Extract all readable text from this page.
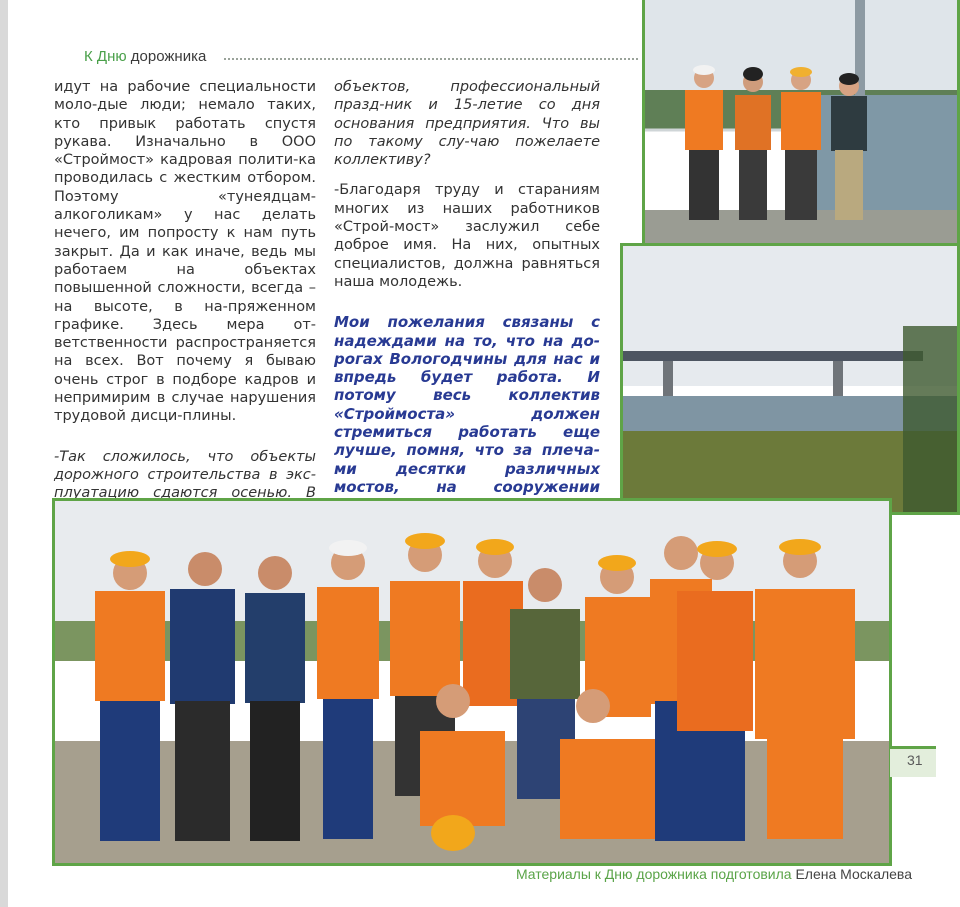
К Дню дорожника

идут на рабочие специальности моло-дые люди; немало таких, кто привык работать спустя рукава. Изначально в ООО «Строймост» кадровая полити-ка проводилась с жестким отбором. Поэтому «тунеядцам-алкоголикам» у нас делать нечего, им попросту к нам путь закрыт. Да и как иначе, ведь мы работаем на объектах повышенной сложности, всегда – на высоте, в на-пряженном графике. Здесь мера от-ветственности распространяется на всех. Вот почему я бываю очень строг в подборе кадров и непримирим в случае нарушения трудовой дисци-плины.

-Так сложилось, что объекты дорожного строительства в экс-плуатацию сдаются осенью. В

объектов, профессиональный празд-ник и 15-летие со дня основания предприятия. Что вы по такому слу-чаю пожелаете коллективу?

-Благодаря труду и стараниям многих из наших работников «Строй-мост» заслужил себе доброе имя. На них, опытных специалистов, должна равняться наша молодежь.

Мои пожелания связаны с надеждами на то, что на до-рогах Вологодчины для нас и впредь будет работа. И потому весь коллектив «Строймоста» должен стремиться работать еще лучше, помня, что за плеча-ми десятки различных мостов, на сооружении

31
Материалы к Дню дорожника подготовила Елена Москалева
